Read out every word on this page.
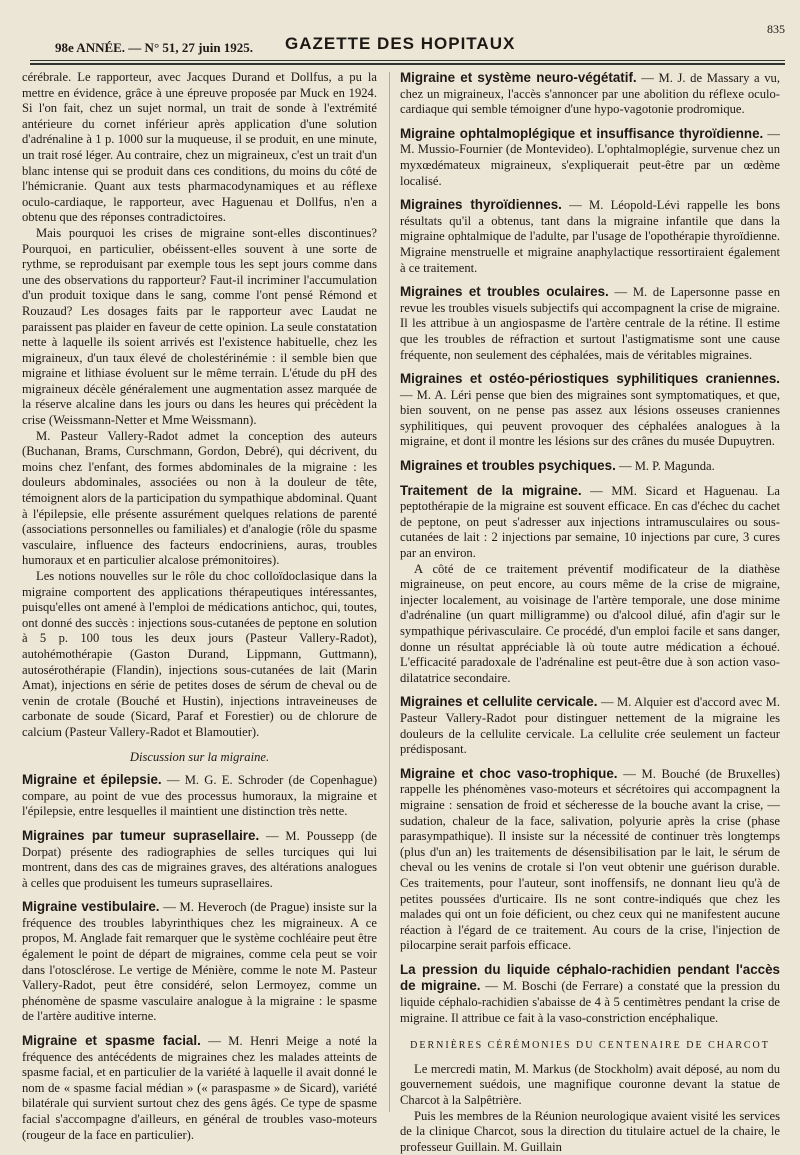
98e ANNÉE. — N° 51, 27 juin 1925. GAZETTE DES HOPITAUX
835

cérébrale. Le rapporteur, avec Jacques Durand et Dollfus, a pu la mettre en évidence, grâce à une épreuve proposée par Muck en 1924. Si l'on fait, chez un sujet normal, un trait de sonde à l'extrémité antérieure du cornet inférieur après application d'une solution d'adrénaline à 1 p. 1000 sur la muqueuse, il se produit, en une minute, un trait rosé léger. Au contraire, chez un migraineux, c'est un trait d'un blanc intense qui se produit dans ces conditions, du moins du côté de l'hémicranie. Quant aux tests pharmacodynamiques et au réflexe oculo-cardiaque, le rapporteur, avec Haguenau et Dollfus, n'en a obtenu que des réponses contradictoires.

Mais pourquoi les crises de migraine sont-elles discontinues? Pourquoi, en particulier, obéissent-elles souvent à une sorte de rythme, se reproduisant par exemple tous les sept jours comme dans une des observations du rapporteur? Faut-il incriminer l'accumulation d'un produit toxique dans le sang, comme l'ont pensé Rémond et Rouzaud? Les dosages faits par le rapporteur avec Laudat ne paraissent pas plaider en faveur de cette opinion. La seule constatation nette à laquelle ils soient arrivés est l'existence habituelle, chez les migraineux, d'un taux élevé de cholestérinémie : il semble bien que migraine et lithiase évoluent sur le même terrain. L'étude du pH des migraineux décèle généralement une augmentation assez marquée de la réserve alcaline dans les jours ou dans les heures qui précèdent la crise (Weissmann-Netter et Mme Weissmann).

M. Pasteur Vallery-Radot admet la conception des auteurs (Buchanan, Brams, Curschmann, Gordon, Debré), qui décrivent, du moins chez l'enfant, des formes abdominales de la migraine : les douleurs abdominales, associées ou non à la douleur de tête, témoignent alors de la participation du sympathique abdominal. Quant à l'épilepsie, elle présente assurément quelques relations de parenté (associations personnelles ou familiales) et d'analogie (rôle du spasme vasculaire, influence des facteurs endocriniens, auras, troubles humoraux et en particulier alcalose prémonitoires).

Les notions nouvelles sur le rôle du choc colloïdoclasique dans la migraine comportent des applications thérapeutiques intéressantes, puisqu'elles ont amené à l'emploi de médications antichoc, qui, toutes, ont donné des succès : injections sous-cutanées de peptone en solution à 5 p. 100 tous les deux jours (Pasteur Vallery-Radot), autohémothérapie (Gaston Durand, Lippmann, Guttmann), autosérothérapie (Flandin), injections sous-cutanées de lait (Marin Amat), injections en série de petites doses de sérum de cheval ou de venin de crotale (Bouché et Hustin), injections intraveineuses de carbonate de soude (Sicard, Paraf et Forestier) ou de chlorure de calcium (Pasteur Vallery-Radot et Blamoutier).

Discussion sur la migraine.

Migraine et épilepsie. — M. G. E. Schroder (de Copenhague) compare, au point de vue des processus humoraux, la migraine et l'épilepsie, entre lesquelles il maintient une distinction très nette.

Migraines par tumeur suprasellaire. — M. Poussepp (de Dorpat) présente des radiographies de selles turciques qui lui montrent, dans des cas de migraines graves, des altérations analogues à celles que produisent les tumeurs suprasellaires.

Migraine vestibulaire. — M. Heveroch (de Prague) insiste sur la fréquence des troubles labyrinthiques chez les migraineux. A ce propos, M. Anglade fait remarquer que le système cochléaire peut être également le point de départ de migraines, comme cela peut se voir dans l'otosclérose. Le vertige de Ménière, comme le note M. Pasteur Vallery-Radot, peut être considéré, selon Lermoyez, comme un phénomène de spasme vasculaire analogue à la migraine : le spasme de l'artère auditive interne.

Migraine et spasme facial. — M. Henri Meige a noté la fréquence des antécédents de migraines chez les malades atteints de spasme facial, et en particulier de la variété à laquelle il avait donné le nom de « spasme facial médian » (« paraspasme » de Sicard), variété bilatérale qui survient surtout chez des gens âgés. Ce type de spasme facial s'accompagne d'ailleurs, en général de troubles vaso-moteurs (rougeur de la face en particulier).

Migraine et système neuro-végétatif. — M. J. de Massary a vu, chez un migraineux, l'accès s'annoncer par une abolition du réflexe oculo-cardiaque qui semble témoigner d'une hypo-vagotonie prodromique.

Migraine ophtalmoplégique et insuffisance thyroïdienne. — M. Mussio-Fournier (de Montevideo). L'ophtalmoplégie, survenue chez un myxœdémateux migraineux, s'expliquerait peut-être par un œdème localisé.

Migraines thyroïdiennes. — M. Léopold-Lévi rappelle les bons résultats qu'il a obtenus, tant dans la migraine infantile que dans la migraine ophtalmique de l'adulte, par l'usage de l'opothérapie thyroïdienne. Migraine menstruelle et migraine anaphylactique ressortiraient également à ce traitement.

Migraines et troubles oculaires. — M. de Lapersonne passe en revue les troubles visuels subjectifs qui accompagnent la crise de migraine. Il les attribue à un angiospasme de l'artère centrale de la rétine. Il estime que les troubles de réfraction et surtout l'astigmatisme sont une cause fréquente, non seulement des céphalées, mais de véritables migraines.

Migraines et ostéo-périostiques syphilitiques craniennes. — M. A. Léri pense que bien des migraines sont symptomatiques, et que, bien souvent, on ne pense pas assez aux lésions osseuses craniennes syphilitiques, qui peuvent provoquer des céphalées analogues à la migraine, et dont il montre les lésions sur des crânes du musée Dupuytren.

Migraines et troubles psychiques. — M. P. Magunda.

Traitement de la migraine. — MM. Sicard et Haguenau. La peptothérapie de la migraine est souvent efficace. En cas d'échec du cachet de peptone, on peut s'adresser aux injections intramusculaires ou sous-cutanées de lait : 2 injections par semaine, 10 injections par cure, 3 cures par an environ.

A côté de ce traitement préventif modificateur de la diathèse migraineuse, on peut encore, au cours même de la crise de migraine, injecter localement, au voisinage de l'artère temporale, une dose minime d'adrénaline (un quart milligramme) ou d'alcool dilué, afin d'agir sur le sympathique périvasculaire. Ce procédé, d'un emploi facile et sans danger, donne un résultat appréciable là où toute autre médication a échoué. L'efficacité paradoxale de l'adrénaline est peut-être due à son action vaso-dilatatrice secondaire.

Migraines et cellulite cervicale. — M. Alquier est d'accord avec M. Pasteur Vallery-Radot pour distinguer nettement de la migraine les douleurs de la cellulite cervicale. La cellulite crée seulement un facteur prédisposant.

Migraine et choc vaso-trophique. — M. Bouché (de Bruxelles) rappelle les phénomènes vaso-moteurs et sécrétoires qui accompagnent la migraine : sensation de froid et sécheresse de la bouche avant la crise, — sudation, chaleur de la face, salivation, polyurie après la crise (phase parasympathique). Il insiste sur la nécessité de continuer très longtemps (plus d'un an) les traitements de désensibilisation par le lait, le sérum de cheval ou les venins de crotale si l'on veut obtenir une guérison durable. Ces traitements, pour l'auteur, sont inoffensifs, ne donnant lieu qu'à de petites poussées d'urticaire. Ils ne sont contre-indiqués que chez les malades qui ont un foie déficient, ou chez ceux qui ne manifestent aucune réaction à l'égard de ce traitement. Au cours de la crise, l'injection de pilocarpine serait parfois efficace.

La pression du liquide céphalo-rachidien pendant l'accès de migraine. — M. Boschi (de Ferrare) a constaté que la pression du liquide céphalo-rachidien s'abaisse de 4 à 5 centimètres pendant la crise de migraine. Il attribue ce fait à la vaso-constriction encéphalique.

DERNIÈRES CÉRÉMONIES DU CENTENAIRE DE CHARCOT

Le mercredi matin, M. Markus (de Stockholm) avait déposé, au nom du gouvernement suédois, une magnifique couronne devant la statue de Charcot à la Salpêtrière.

Puis les membres de la Réunion neurologique avaient visité les services de la clinique Charcot, sous la direction du titulaire actuel de la chaire, le professeur Guillain. M. Guillain
